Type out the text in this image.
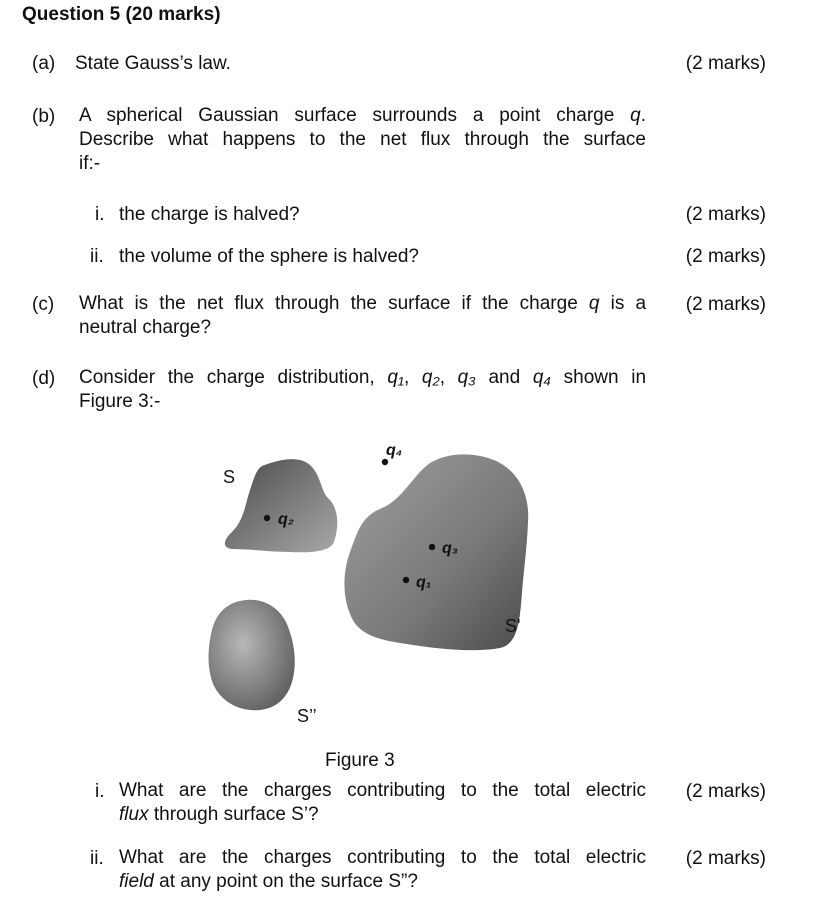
Question 5 (20 marks)
(a) State Gauss’s law.	(2 marks)
(b) A spherical Gaussian surface surrounds a point charge q.
Describe what happens to the net flux through the surface
if:-
i. the charge is halved?	(2 marks)
ii. the volume of the sphere is halved?	(2 marks)
(c) What is the net flux through the surface if the charge q is a
neutral charge?
(2 marks)
(d) Consider the charge distribution, q₁, q₂, q₃ and q₄ shown in
Figure 3:-
q₄
q₂
q₃
q₁
S
S'
S’’
Figure 3
i. What are the charges contributing to the total electric
flux through surface S’?
(2 marks)
ii. What are the charges contributing to the total electric
field at any point on the surface S”?
(2 marks)
